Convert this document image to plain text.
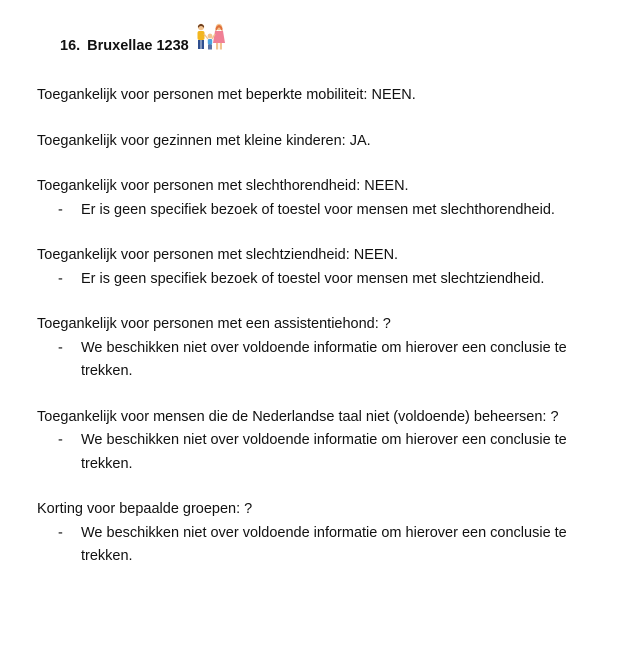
16. Bruxellae 1238

Toegankelijk voor personen met beperkte mobiliteit: NEEN.

Toegankelijk voor gezinnen met kleine kinderen: JA.

Toegankelijk voor personen met slechthorendheid: NEEN.

- Er is geen specifiek bezoek of toestel voor mensen met slechthorendheid.

Toegankelijk voor personen met slechtziendheid: NEEN.

- Er is geen specifiek bezoek of toestel voor mensen met slechtziendheid.

Toegankelijk voor personen met een assistentiehond: ?

- We beschikken niet over voldoende informatie om hierover een conclusie te trekken.

Toegankelijk voor mensen die de Nederlandse taal niet (voldoende) beheersen: ?

- We beschikken niet over voldoende informatie om hierover een conclusie te trekken.

Korting voor bepaalde groepen: ?

- We beschikken niet over voldoende informatie om hierover een conclusie te trekken.
